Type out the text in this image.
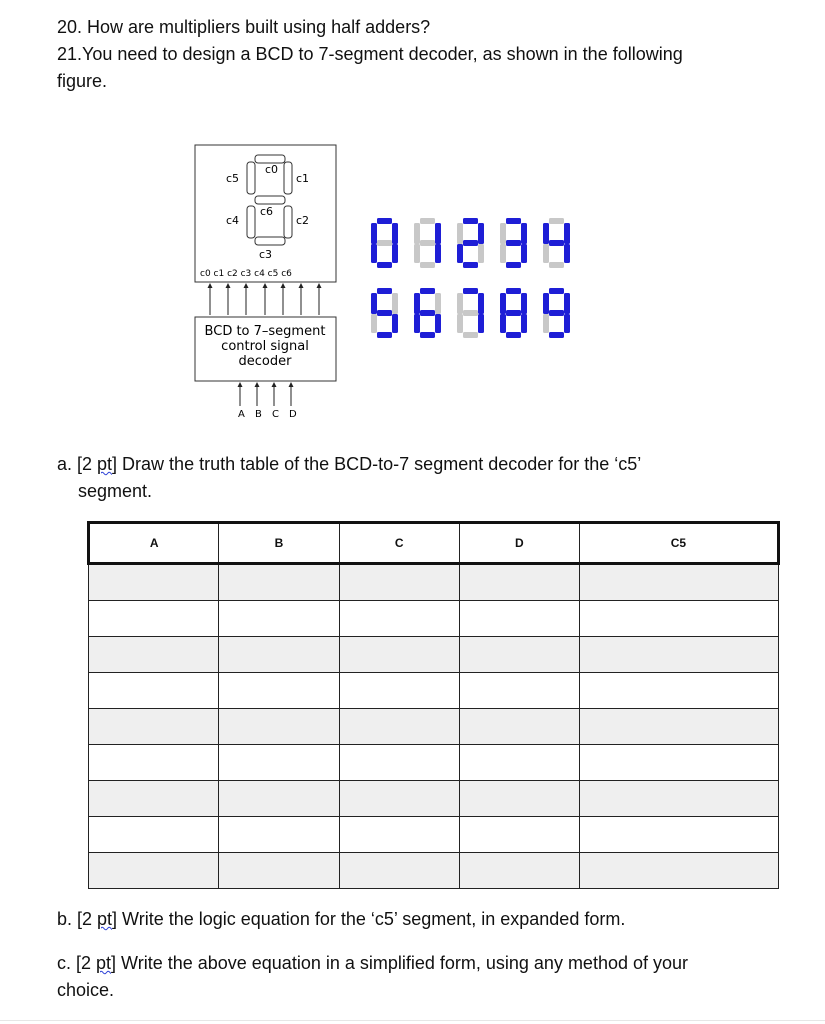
20. How are multipliers built using half adders?
21.You need to design a BCD to 7-segment decoder, as shown in the following
figure.
c0
c1
c2
c3
c4
c5
c6
c0 c1 c2 c3 c4 c5 c6
BCD to 7–segment
control signal
decoder
A B C D
a. [2 pt] Draw the truth table of the BCD-to-7 segment decoder for the ‘c5’
segment.
A	B	C	D	C5

b. [2 pt] Write the logic equation for the ‘c5’ segment, in expanded form.
c. [2 pt] Write the above equation in a simplified form, using any method of your
choice.
